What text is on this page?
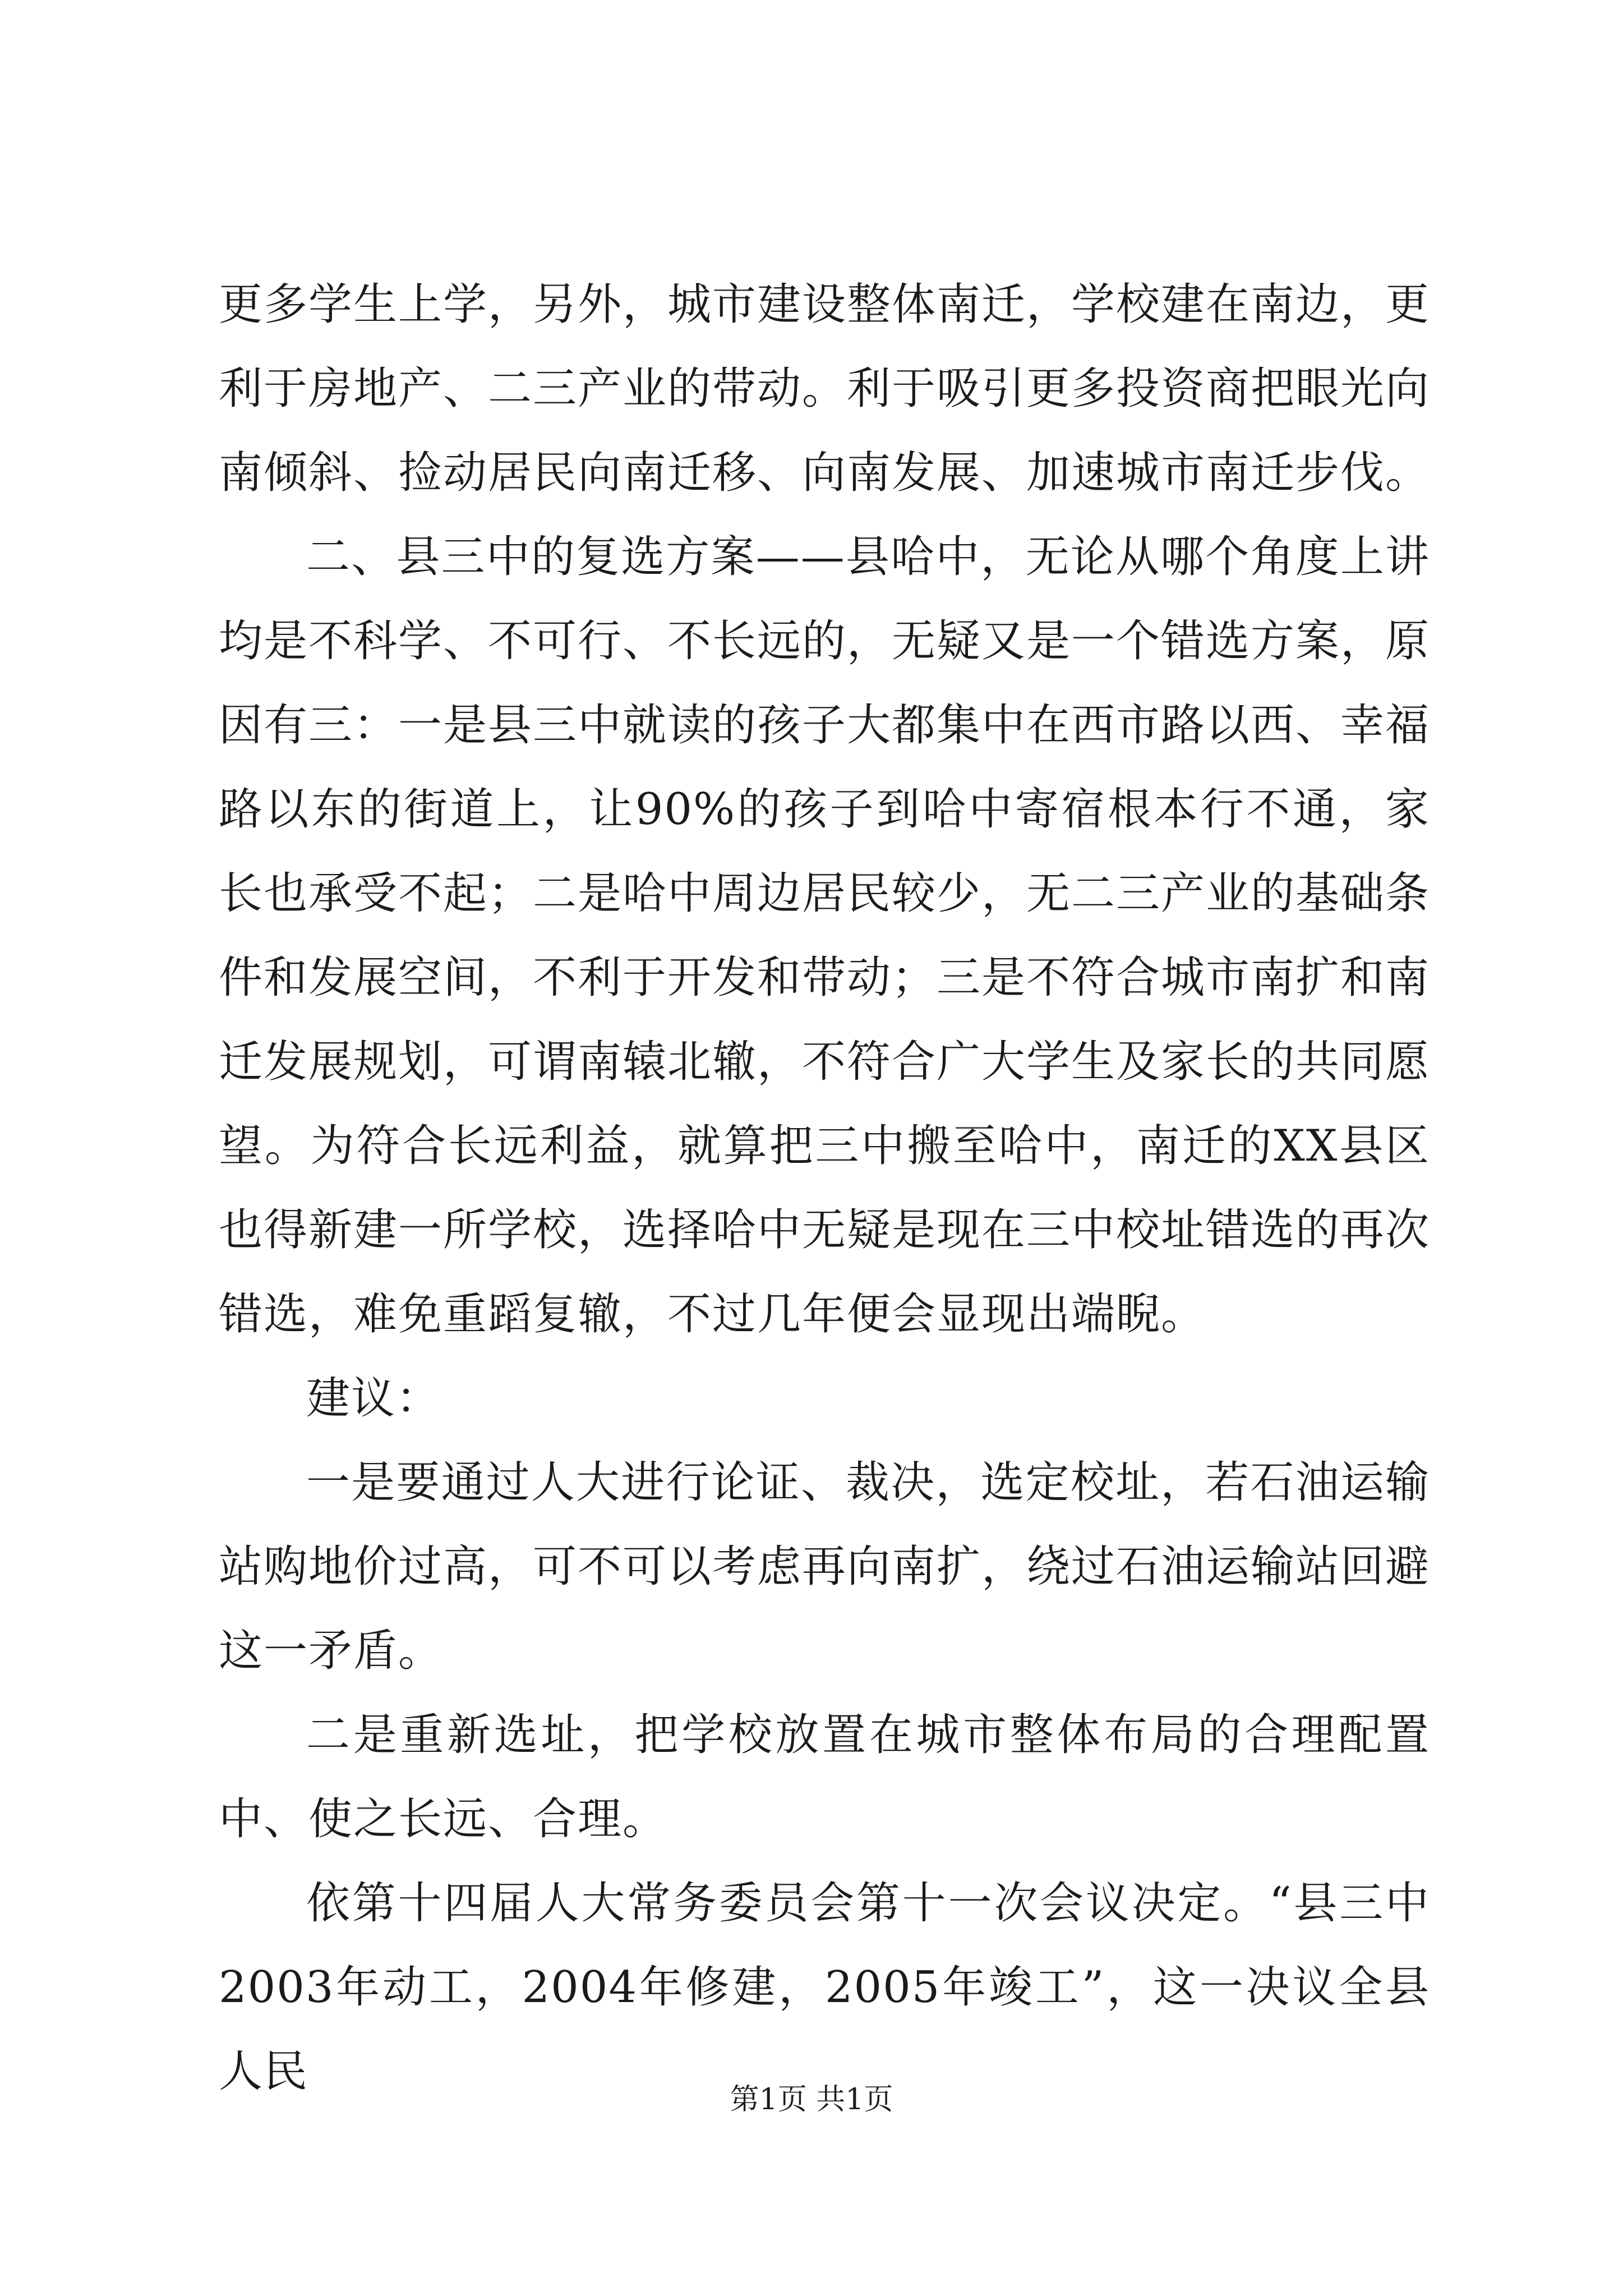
更多学生上学，另外，城市建设整体南迁，学校建在南边，更利于房地产、二三产业的带动。利于吸引更多投资商把眼光向南倾斜、捡动居民向南迁移、向南发展、加速城市南迁步伐。

二、县三中的复选方案——县哈中，无论从哪个角度上讲均是不科学、不可行、不长远的，无疑又是一个错选方案，原因有三：一是县三中就读的孩子大都集中在西市路以西、幸福路以东的街道上，让90%的孩子到哈中寄宿根本行不通，家长也承受不起；二是哈中周边居民较少，无二三产业的基础条件和发展空间，不利于开发和带动；三是不符合城市南扩和南迁发展规划，可谓南辕北辙，不符合广大学生及家长的共同愿望。为符合长远利益，就算把三中搬至哈中，南迁的XX县区也得新建一所学校，选择哈中无疑是现在三中校址错选的再次错选，难免重蹈复辙，不过几年便会显现出端睨。

建议：

一是要通过人大进行论证、裁决，选定校址，若石油运输站购地价过高，可不可以考虑再向南扩，绕过石油运输站回避这一矛盾。

二是重新选址，把学校放置在城市整体布局的合理配置中、使之长远、合理。

依第十四届人大常务委员会第十一次会议决定。“县三中2003年动工，2004年修建，2005年竣工”，这一决议全县人民

第1页 共1页
